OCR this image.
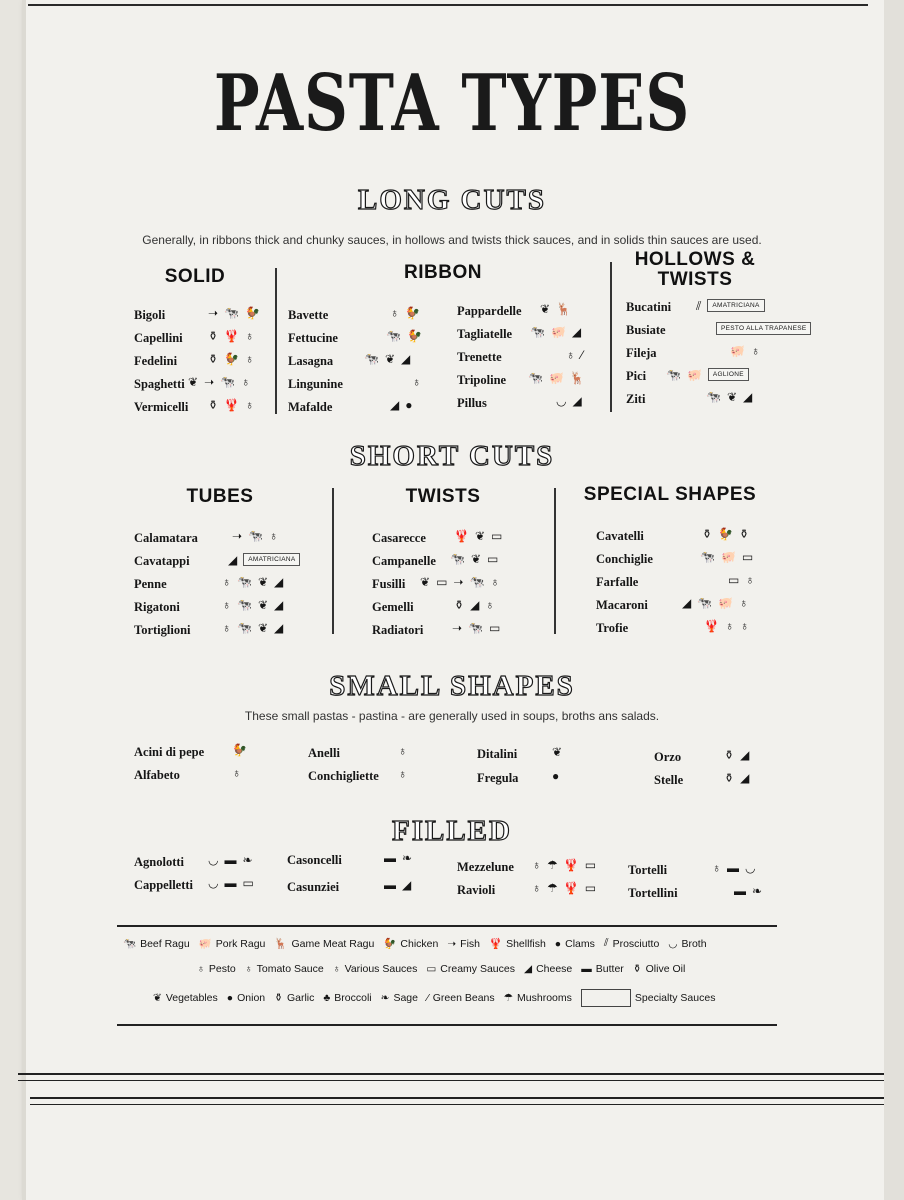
PASTA TYPES
LONG CUTS
Generally, in ribbons thick and chunky sauces, in hollows and twists thick sauces, and in solids thin sauces are used.
SOLID	RIBBON
HOLLOWS &
TWISTS
Bigoli	➝ 🐄 🐓
Capellini ⚱ 🦞 ♁
Fedelini	⚱ 🐓 ♁
Spaghetti ❦ ➝ 🐄 ♁
Vermicelli ⚱ 🦞 ♁
Bavette	♁ 🐓
Fettucine	🐄 🐓
Lasagna	🐄 ❦ ◢
Lingunine	♁
Mafalde	◢ ●
Pappardelle ❦ 🦌
Tagliatelle 🐄 🐖 ◢
Trenette	♁ ⁄
Tripoline 🐄 🐖 🦌
Pillus	◡ ◢
Bucatini ⫽	AMATRICIANA
Busiate	PESTO ALLA TRAPANESE
Fileja	🐖 ♁
Pici 🐄 🐖	AGLIONE
Ziti	🐄 ❦ ◢
SHORT CUTS
TUBES	TWISTS	SPECIAL SHAPES
Calamatara	➝ 🐄 ♁
Cavatappi	◢	AMATRICIANA
Penne	♁ 🐄 ❦ ◢
Rigatoni	♁ 🐄 ❦ ◢
Tortiglioni	♁ 🐄 ❦ ◢
Casarecce 🦞 ❦ ▭
Campanelle 🐄 ❦ ▭
Fusilli ❦ ▭ ➝ 🐄 ♁
Gemelli	⚱ ◢ ♁
Radiatori ➝ 🐄 ▭
Cavatelli	⚱ 🐓 ⚱
Conchiglie	🐄 🐖 ▭
Farfalle	▭ ♁
Macaroni	◢ 🐄 🐖 ♁
Trofie	🦞 ♁ ♁
SMALL SHAPES
These small pastas - pastina - are generally used in soups, broths ans salads.
Acini di pepe 🐓
Alfabeto	♁
Anelli	♁
Conchigliette ♁
Ditalini	❦
Fregula	●
Orzo	⚱ ◢
Stelle	⚱ ◢
FILLED
Agnolotti ◡ ▬ ❧
Cappelletti ◡ ▬ ▭
Casoncelli	▬ ❧
Casunziei	▬ ◢
Mezzelune ♁ ☂ 🦞 ▭
Ravioli	♁ ☂ 🦞 ▭
Tortelli	♁ ▬ ◡
Tortellini	▬ ❧
🐄 Beef Ragu 🐖 Pork Ragu 🦌 Game Meat Ragu 🐓 Chicken ➝ Fish 🦞 Shellfish ● Clams ⫽ Prosciutto ◡ Broth
♁ Pesto ♁ Tomato Sauce ♁ Various Sauces ▭ Creamy Sauces ◢ Cheese ▬ Butter ⚱ Olive Oil
❦ Vegetables ● Onion ⚱ Garlic ♣ Broccoli ❧ Sage ⁄ Green Beans ☂ Mushrooms	Specialty Sauces
